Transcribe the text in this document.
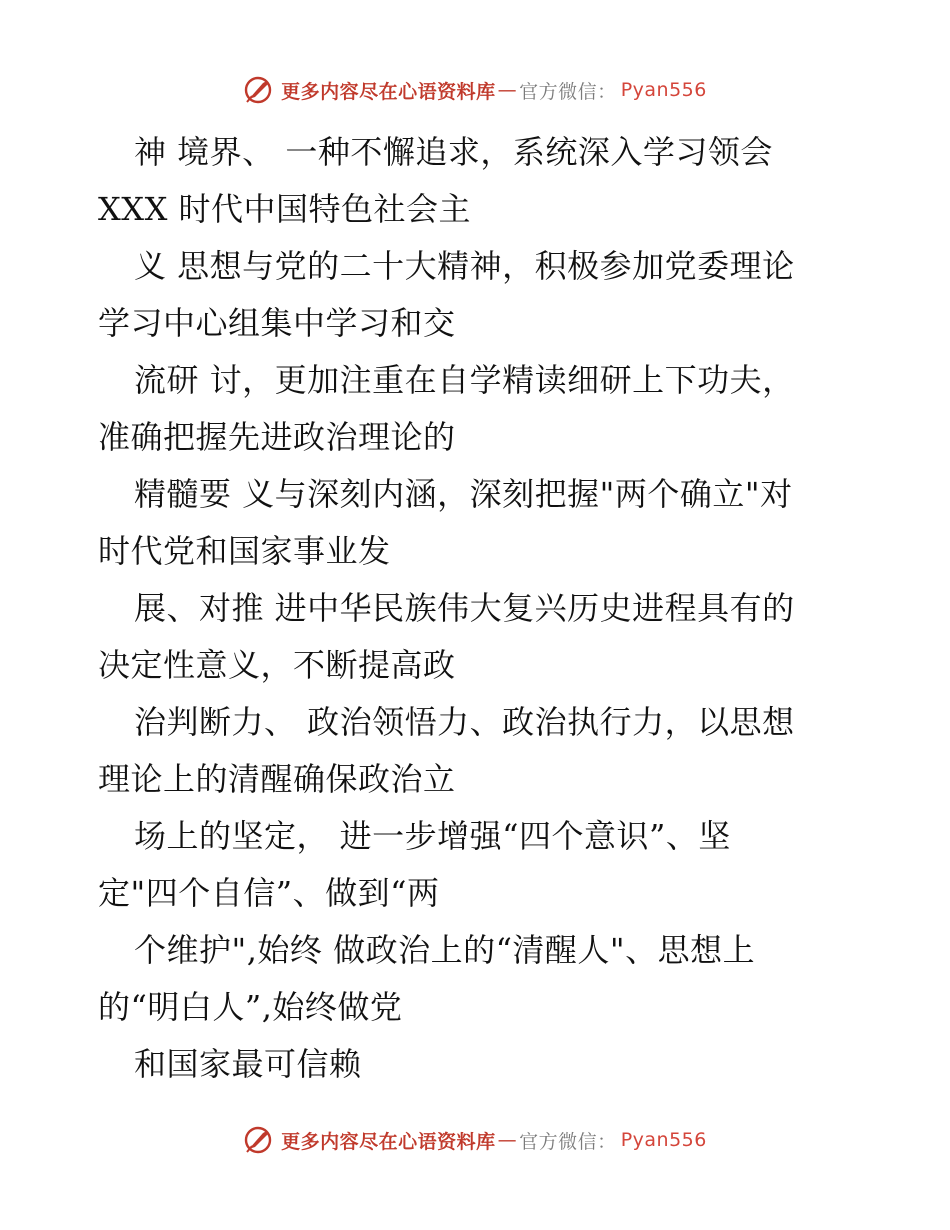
更多内容尽在心语资料库 — 官方微信： Pyan556
神 境界、 一种不懈追求，系统深入学习领会
XXX 时代中国特色社会主
义 思想与党的二十大精神，积极参加党委理论
学习中心组集中学习和交
流研 讨，更加注重在自学精读细研上下功夫，
准确把握先进政治理论的
精髓要 义与深刻内涵，深刻把握"两个确立"对
时代党和国家事业发
展、对推 进中华民族伟大复兴历史进程具有的
决定性意义，不断提高政
治判断力、 政治领悟力、政治执行力，以思想
理论上的清醒确保政治立
场上的坚定， 进一步增强“四个意识”、坚
定"四个自信”、做到“两
个维护",始终 做政治上的“清醒人"、思想上
的“明白人”,始终做党
和国家最可信赖
更多内容尽在心语资料库 — 官方微信： Pyan556
